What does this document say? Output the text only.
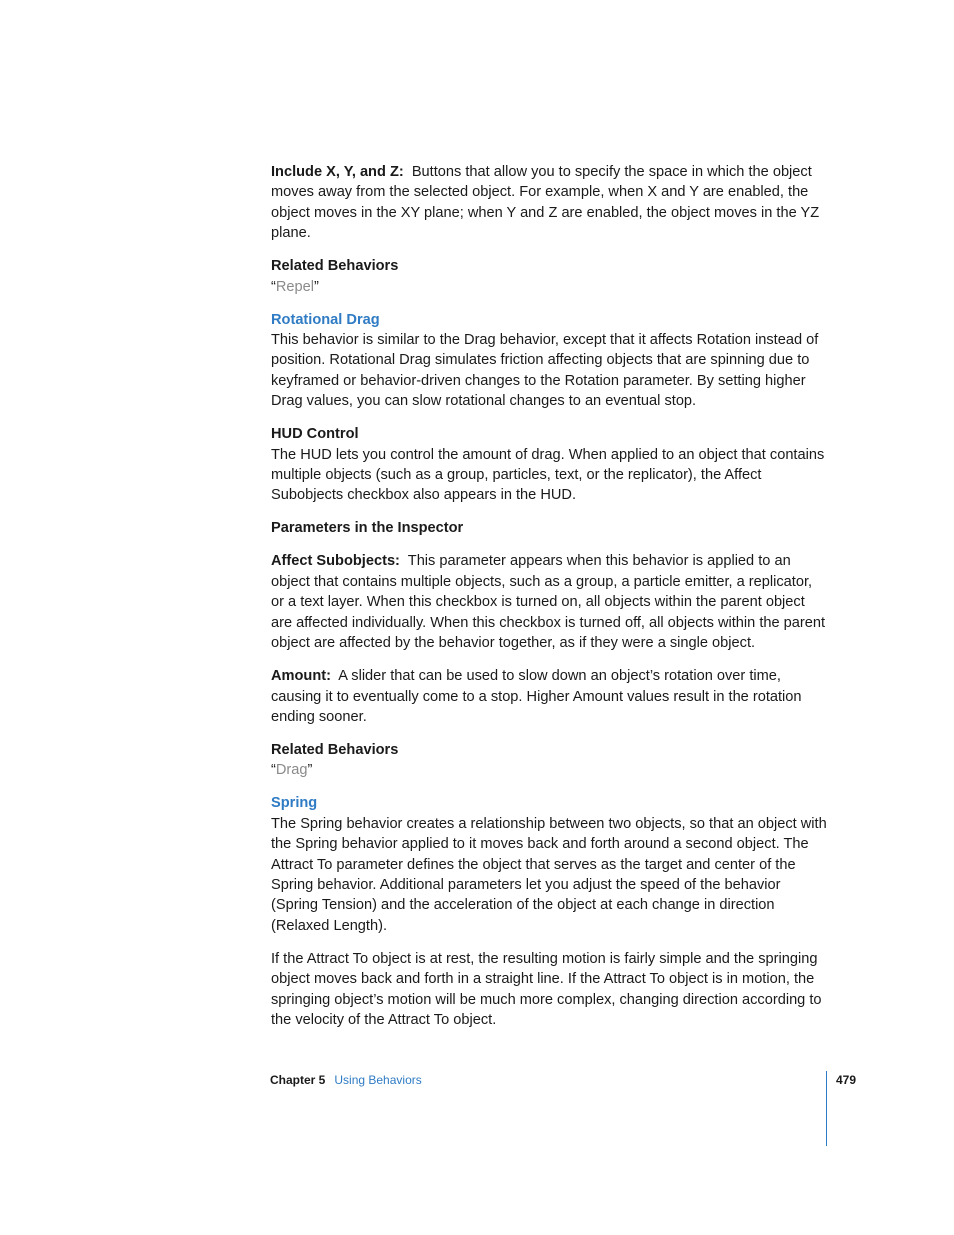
Include X, Y, and Z: Buttons that allow you to specify the space in which the object moves away from the selected object. For example, when X and Y are enabled, the object moves in the XY plane; when Y and Z are enabled, the object moves in the YZ plane.

Related Behaviors

“Repel”

Rotational Drag

This behavior is similar to the Drag behavior, except that it affects Rotation instead of position. Rotational Drag simulates friction affecting objects that are spinning due to keyframed or behavior-driven changes to the Rotation parameter. By setting higher Drag values, you can slow rotational changes to an eventual stop.

HUD Control

The HUD lets you control the amount of drag. When applied to an object that contains multiple objects (such as a group, particles, text, or the replicator), the Affect Subobjects checkbox also appears in the HUD.

Parameters in the Inspector

Affect Subobjects: This parameter appears when this behavior is applied to an object that contains multiple objects, such as a group, a particle emitter, a replicator, or a text layer. When this checkbox is turned on, all objects within the parent object are affected individually. When this checkbox is turned off, all objects within the parent object are affected by the behavior together, as if they were a single object.

Amount: A slider that can be used to slow down an object’s rotation over time, causing it to eventually come to a stop. Higher Amount values result in the rotation ending sooner.

Related Behaviors

“Drag”

Spring

The Spring behavior creates a relationship between two objects, so that an object with the Spring behavior applied to it moves back and forth around a second object. The Attract To parameter defines the object that serves as the target and center of the Spring behavior. Additional parameters let you adjust the speed of the behavior (Spring Tension) and the acceleration of the object at each change in direction (Relaxed Length).

If the Attract To object is at rest, the resulting motion is fairly simple and the springing object moves back and forth in a straight line. If the Attract To object is in motion, the springing object’s motion will be much more complex, changing direction according to the velocity of the Attract To object.

Chapter 5 Using Behaviors	479
